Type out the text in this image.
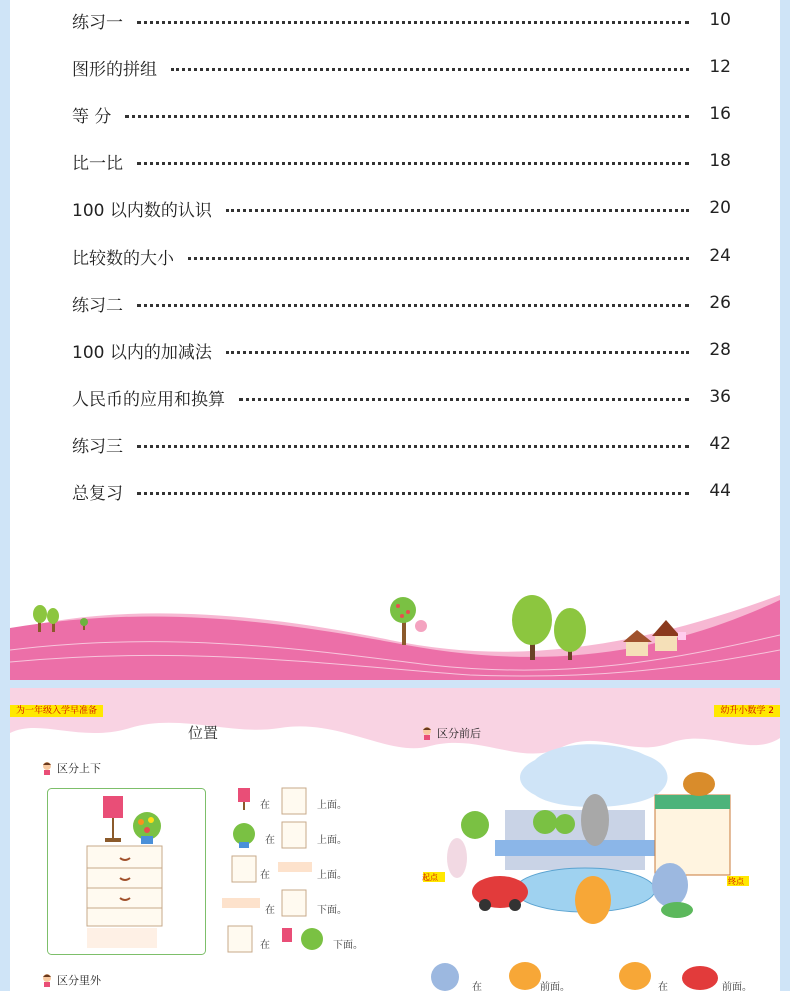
练习一	10
图形的拼组	12
等 分	16
比一比	18
100 以内数的认识	20
比较数的大小	24
练习二	26
100 以内的加减法	28
人民币的应用和换算	36
练习三	42
总复习	44
为一年级入学早准备	幼升小数学 2
位置
区分上下
区分前后
区分里外
在	上面。
在	上面。
在	上面。
在	下面。
在	下面。
起点	终点
在	前面。	在	前面。
